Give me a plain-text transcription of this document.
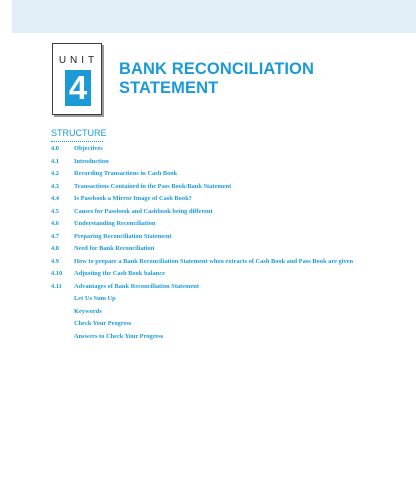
UNIT
4 BANK RECONCILIATION
STATEMENT
STRUCTURE
4.0	Objectives
4.1	Introduction
4.2	Recording Transactions in Cash Book
4.3	Transactions Contained in the Pass Book/Bank Statement
4.4	Is Passbook a Mirror Image of Cash Book?
4.5	Causes for Passbook and Cashbook being different
4.6	Understanding Reconciliation
4.7	Preparing Reconciliation Statement
4.8	Need for Bank Reconciliation
4.9	How to prepare a Bank Reconciliation Statement when extracts of Cash Book and Pass Book are given
4.10	Adjusting the Cash Book balance
4.11	Advantages of Bank Reconciliation Statement
Let Us Sum Up
Keywords
Check Your Progress
Answers to Check Your Progress
